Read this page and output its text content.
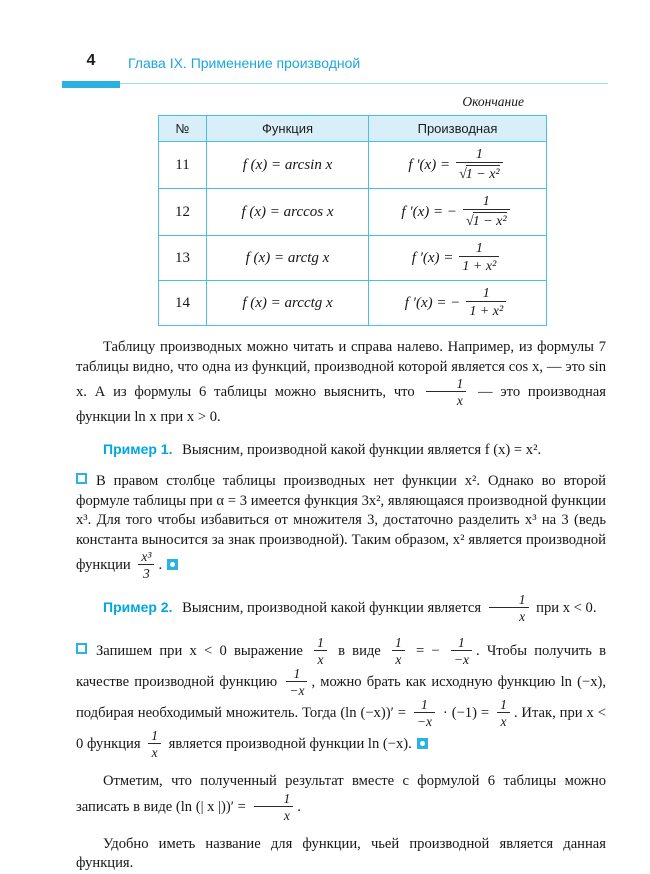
4	Глава IX. Применение производной
Окончание
№	Функция	Производная
11	f (x) = arcsin x	f $'(x) = \frac{1}{\text{√1 − x²}}$

12	f (x) = arccos x	f ′(x) = − $\frac{1}{\text{√1 − x²}}$

13	f (x) = arctg x	f $'(x) = \frac{1}{\text{1 + x²}}$

14	f (x) = arcctg x	f ′(x) = − $\frac{1}{\text{1 + x²}}$

Таблицу производных можно читать и справа налево. Например, из формулы 7 таблицы видно, что одна из функций, производной которой является cos x, — это sin x. А из формулы 6 таблицы можно выяснить, что $\frac{1}{x}$ — это производная функции ln x при x > 0.

Пример 1. Выясним, производной какой функции является f (x) = x².

В правом столбце таблицы производных нет функции x². Однако во второй формуле таблицы при α = 3 имеется функция 3x², являющаяся производной функции x³. Для того чтобы избавиться от множителя 3, достаточно разделить x³ на 3 (ведь константа выносится за знак производной). Таким образом, x² является производной функции $\frac{\text{x³}}{3}$ .

Пример 2. Выясним, производной какой функции является $\frac{1}{x}$ при x < 0.

Запишем при x < 0 выражение $\frac{1}{x}$ в виде $\frac{1}{x}$ = − $\frac{1}{-x}$ . Чтобы получить в качестве производной функцию $\frac{1}{-x}$ , можно брать как исходную функцию ln (−x), подбирая необходимый множитель. Тогда (ln $(-x))' = \frac{1}{-x} \cdot (-1) = \frac{1}{x}$ . Итак, при x < 0 функция $\frac{1}{x}$ является производной функции ln (−x).

Отметим, что полученный результат вместе с формулой 6 таблицы можно записать в виде (ln (| x |))′ = $\frac{1}{x}$ .

Удобно иметь название для функции, чьей производной является данная функция.
